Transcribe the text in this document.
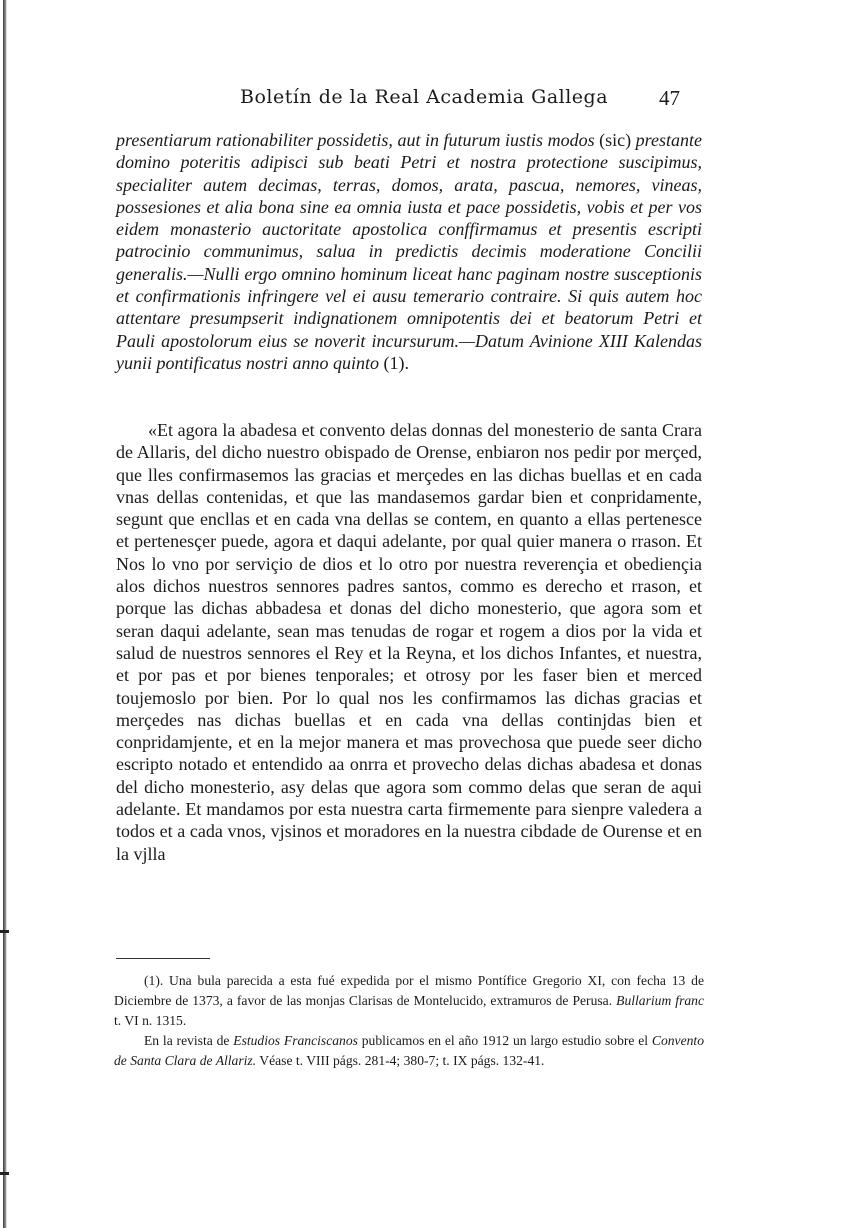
Boletín de la Real Academia Gallega 47

presentiarum rationabiliter possidetis, aut in futurum iustis modos (sic) prestante domino poteritis adipisci sub beati Petri et nostra protectione suscipimus, specialiter autem decimas, terras, domos, arata, pascua, nemores, vineas, possesiones et alia bona sine ea omnia iusta et pace possidetis, vobis et per vos eidem monasterio auctoritate apostolica conffirmamus et presentis escripti patrocinio communimus, salua in predictis decimis moderatione Concilii generalis.—Nulli ergo omnino hominum liceat hanc paginam nostre susceptionis et confirmationis infringere vel ei ausu temerario contraire. Si quis autem hoc attentare presumpserit indignationem omnipotentis dei et beatorum Petri et Pauli apostolorum eius se noverit incursurum.—Datum Avinione XIII Kalendas yunii pontificatus nostri anno quinto (1).

«Et agora la abadesa et convento delas donnas del monesterio de santa Crara de Allaris, del dicho nuestro obispado de Orense, enbiaron nos pedir por merçed, que lles confirmasemos las gracias et merçedes en las dichas buellas et en cada vnas dellas contenidas, et que las mandasemos gardar bien et conpridamente, segunt que encllas et en cada vna dellas se contem, en quanto a ellas pertenesce et pertenesçer puede, agora et daqui adelante, por qual quier manera o rrason. Et Nos lo vno por serviçio de dios et lo otro por nuestra reverençia et obediençia alos dichos nuestros sennores padres santos, commo es derecho et rrason, et porque las dichas abbadesa et donas del dicho monesterio, que agora som et seran daqui adelante, sean mas tenudas de rogar et rogem a dios por la vida et salud de nuestros sennores el Rey et la Reyna, et los dichos Infantes, et nuestra, et por pas et por bienes tenporales; et otrosy por les faser bien et merced toujemoslo por bien. Por lo qual nos les confirmamos las dichas gracias et merçedes nas dichas buellas et en cada vna dellas continjdas bien et conpridamjente, et en la mejor manera et mas provechosa que puede seer dicho escripto notado et entendido aa onrra et provecho delas dichas abadesa et donas del dicho monesterio, asy delas que agora som commo delas que seran de aqui adelante. Et mandamos por esta nuestra carta firmemente para sienpre valedera a todos et a cada vnos, vjsinos et moradores en la nuestra cibdade de Ourense et en la vjlla

(1). Una bula parecida a esta fué expedida por el mismo Pontífice Gregorio XI, con fecha 13 de Diciembre de 1373, a favor de las monjas Clarisas de Montelucido, extramuros de Perusa. Bullarium franc t. VI n. 1315.

En la revista de Estudios Franciscanos publicamos en el año 1912 un largo estudio sobre el Convento de Santa Clara de Allariz. Véase t. VIII págs. 281-4; 380-7; t. IX págs. 132-41.
